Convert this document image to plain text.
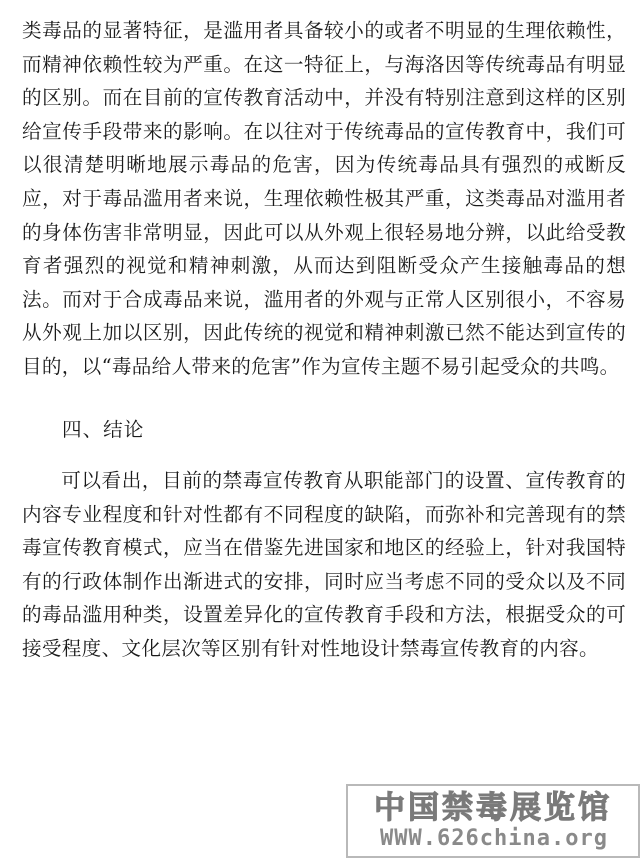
类毒品的显著特征，是滥用者具备较小的或者不明显的生理依赖性，而精神依赖性较为严重。在这一特征上，与海洛因等传统毒品有明显的区别。而在目前的宣传教育活动中，并没有特别注意到这样的区别给宣传手段带来的影响。在以往对于传统毒品的宣传教育中，我们可以很清楚明晰地展示毒品的危害，因为传统毒品具有强烈的戒断反应，对于毒品滥用者来说，生理依赖性极其严重，这类毒品对滥用者的身体伤害非常明显，因此可以从外观上很轻易地分辨，以此给受教育者强烈的视觉和精神刺激，从而达到阻断受众产生接触毒品的想法。而对于合成毒品来说，滥用者的外观与正常人区别很小，不容易从外观上加以区别，因此传统的视觉和精神刺激已然不能达到宣传的目的，以“毒品给人带来的危害”作为宣传主题不易引起受众的共鸣。

四、结论

可以看出，目前的禁毒宣传教育从职能部门的设置、宣传教育的内容专业程度和针对性都有不同程度的缺陷，而弥补和完善现有的禁毒宣传教育模式，应当在借鉴先进国家和地区的经验上，针对我国特有的行政体制作出渐进式的安排，同时应当考虑不同的受众以及不同的毒品滥用种类，设置差异化的宣传教育手段和方法，根据受众的可接受程度、文化层次等区别有针对性地设计禁毒宣传教育的内容。

中国禁毒展览馆
WWW.626china.org
